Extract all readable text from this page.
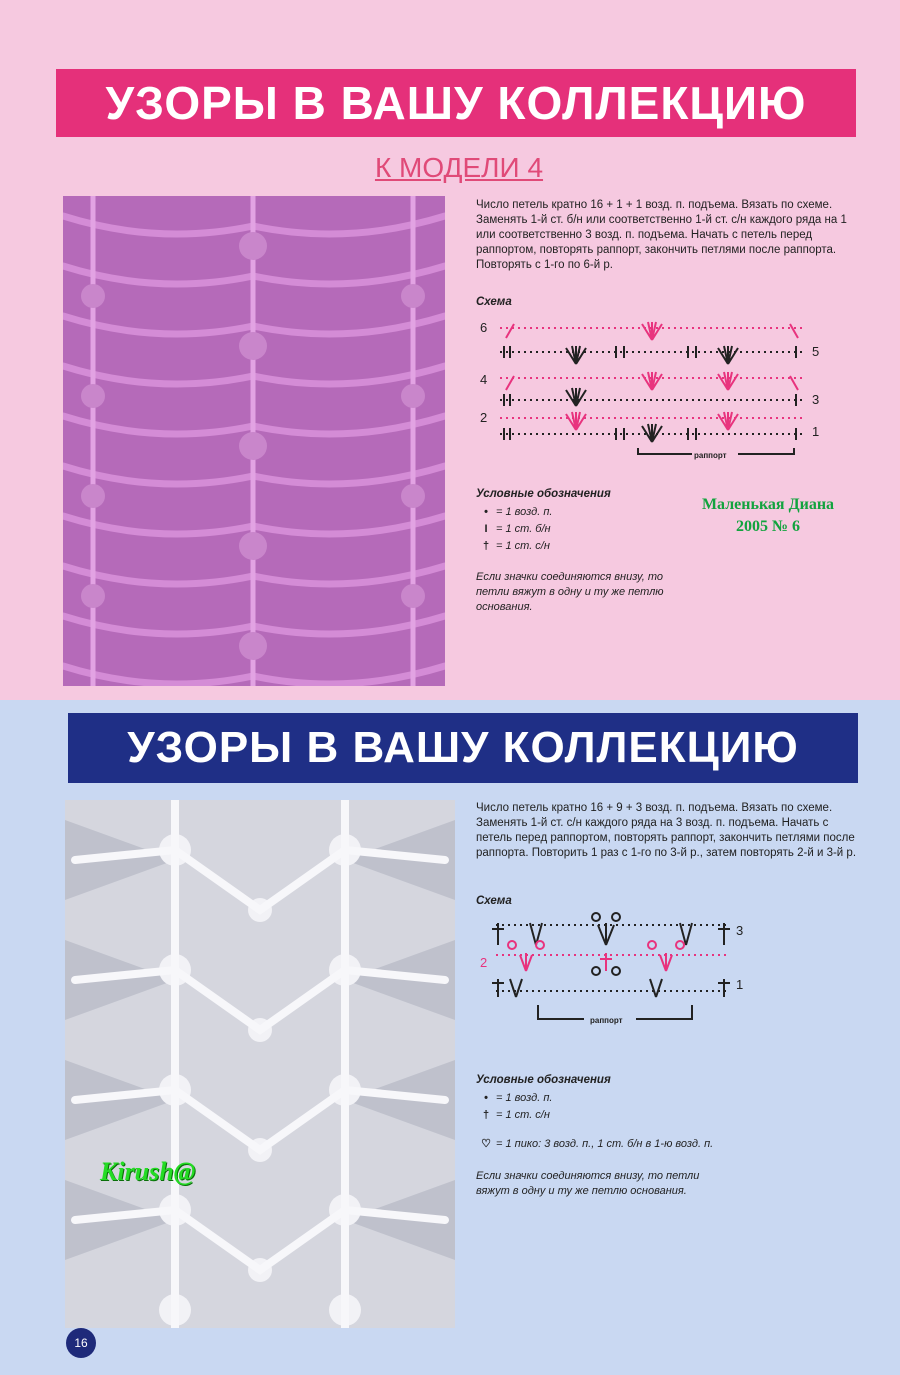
УЗОРЫ В ВАШУ КОЛЛЕКЦИЮ
К МОДЕЛИ 4
Число петель кратно 16 + 1 + 1 возд. п. подъема. Вязать по схеме. Заменять 1-й ст. б/н или соответственно 1-й ст. с/н каждого ряда на 1 или соответственно 3 возд. п. подъема. Начать с петель перед раппортом, повторять раппорт, закончить петлями после раппорта. Повторять с 1-го по 6-й р.
Схема
6
4
2
5
3
1
раппорт
Условные обозначения
• = 1 возд. п.
I = 1 ст. б/н
† = 1 ст. с/н
Если значки соединяются внизу, то петли вяжут в одну и ту же петлю основания.
Маленькая Диана
2005 № 6
УЗОРЫ В ВАШУ КОЛЛЕКЦИЮ
Kirush@
Число петель кратно 16 + 9 + 3 возд. п. подъема. Вязать по схеме. Заменять 1-й ст. с/н каждого ряда на 3 возд. п. подъема. Начать с петель перед раппортом, повторять раппорт, закончить петлями после раппорта. Повторить 1 раз с 1-го по 3-й р., затем повторять 2-й и 3-й р.
Схема
2
3
1
раппорт
Условные обозначения
• = 1 возд. п.
† = 1 ст. с/н
♡ = 1 пико: 3 возд. п., 1 ст. б/н в 1-ю возд. п.
Если значки соединяются внизу, то петли вяжут в одну и ту же петлю основания.
16
